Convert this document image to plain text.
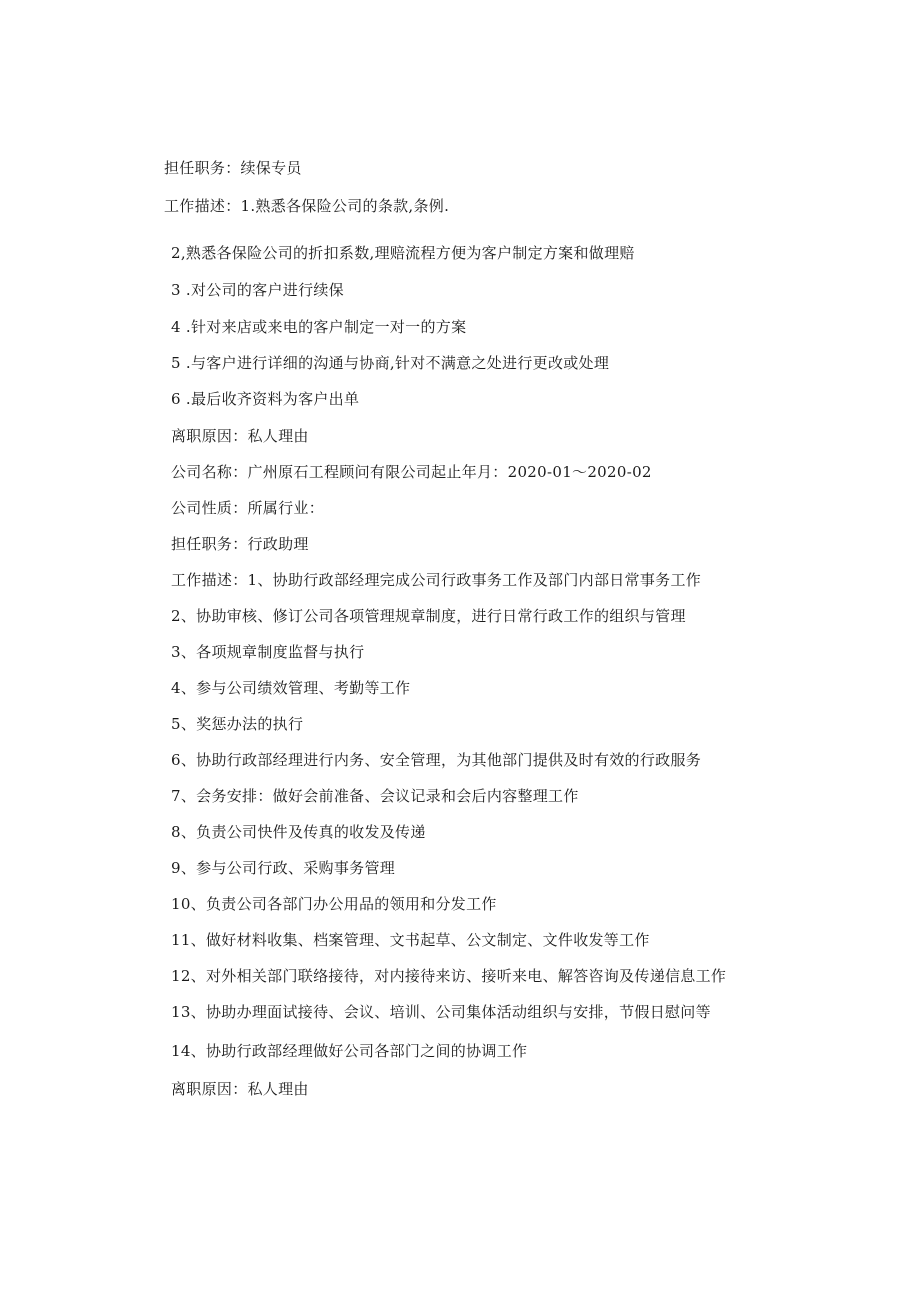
担任职务：续保专员
工作描述：1.熟悉各保险公司的条款,条例.
2,熟悉各保险公司的折扣系数,理赔流程方便为客户制定方案和做理赔
3 .对公司的客户进行续保
4 .针对来店或来电的客户制定一对一的方案
5 .与客户进行详细的沟通与协商,针对不满意之处进行更改或处理
6 .最后收齐资料为客户出单
离职原因：私人理由
公司名称：广州原石工程顾问有限公司起止年月：2020-01～2020-02
公司性质：所属行业：
担任职务：行政助理
工作描述：1、协助行政部经理完成公司行政事务工作及部门内部日常事务工作
2、协助审核、修订公司各项管理规章制度，进行日常行政工作的组织与管理
3、各项规章制度监督与执行
4、参与公司绩效管理、考勤等工作
5、奖惩办法的执行
6、协助行政部经理进行内务、安全管理，为其他部门提供及时有效的行政服务
7、会务安排：做好会前准备、会议记录和会后内容整理工作
8、负责公司快件及传真的收发及传递
9、参与公司行政、采购事务管理
10、负责公司各部门办公用品的领用和分发工作
11、做好材料收集、档案管理、文书起草、公文制定、文件收发等工作
12、对外相关部门联络接待，对内接待来访、接听来电、解答咨询及传递信息工作
13、协助办理面试接待、会议、培训、公司集体活动组织与安排，节假日慰问等
14、协助行政部经理做好公司各部门之间的协调工作
离职原因：私人理由
